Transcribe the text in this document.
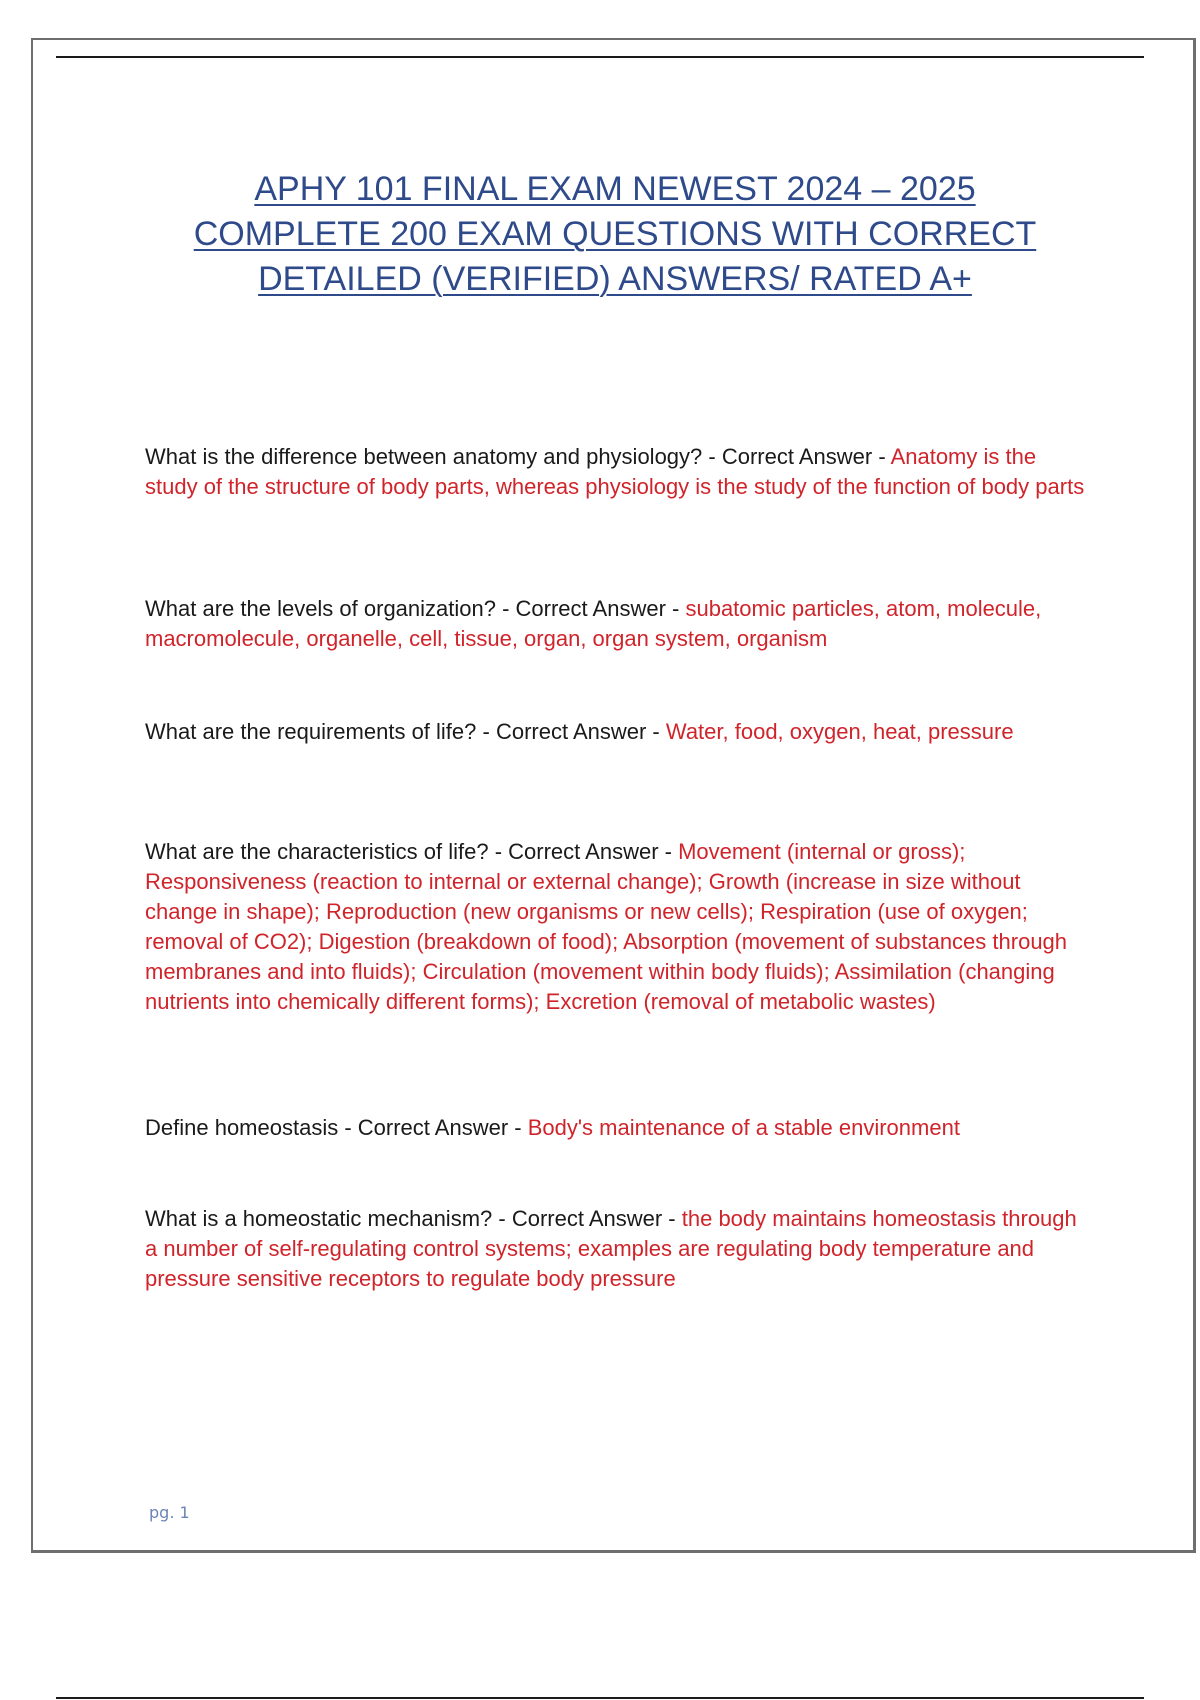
APHY 101 FINAL EXAM NEWEST 2024 – 2025
COMPLETE 200 EXAM QUESTIONS WITH CORRECT
DETAILED (VERIFIED) ANSWERS/ RATED A+

What is the difference between anatomy and physiology? - Correct Answer - Anatomy is the study of the structure of body parts, whereas physiology is the study of the function of body parts

What are the levels of organization? - Correct Answer - subatomic particles, atom, molecule, macromolecule, organelle, cell, tissue, organ, organ system, organism

What are the requirements of life? - Correct Answer - Water, food, oxygen, heat, pressure

What are the characteristics of life? - Correct Answer - Movement (internal or gross); Responsiveness (reaction to internal or external change); Growth (increase in size without change in shape); Reproduction (new organisms or new cells); Respiration (use of oxygen; removal of CO2); Digestion (breakdown of food); Absorption (movement of substances through membranes and into fluids); Circulation (movement within body fluids); Assimilation (changing nutrients into chemically different forms); Excretion (removal of metabolic wastes)

Define homeostasis - Correct Answer - Body's maintenance of a stable environment

What is a homeostatic mechanism? - Correct Answer - the body maintains homeostasis through a number of self-regulating control systems; examples are regulating body temperature and pressure sensitive receptors to regulate body pressure

pg. 1
